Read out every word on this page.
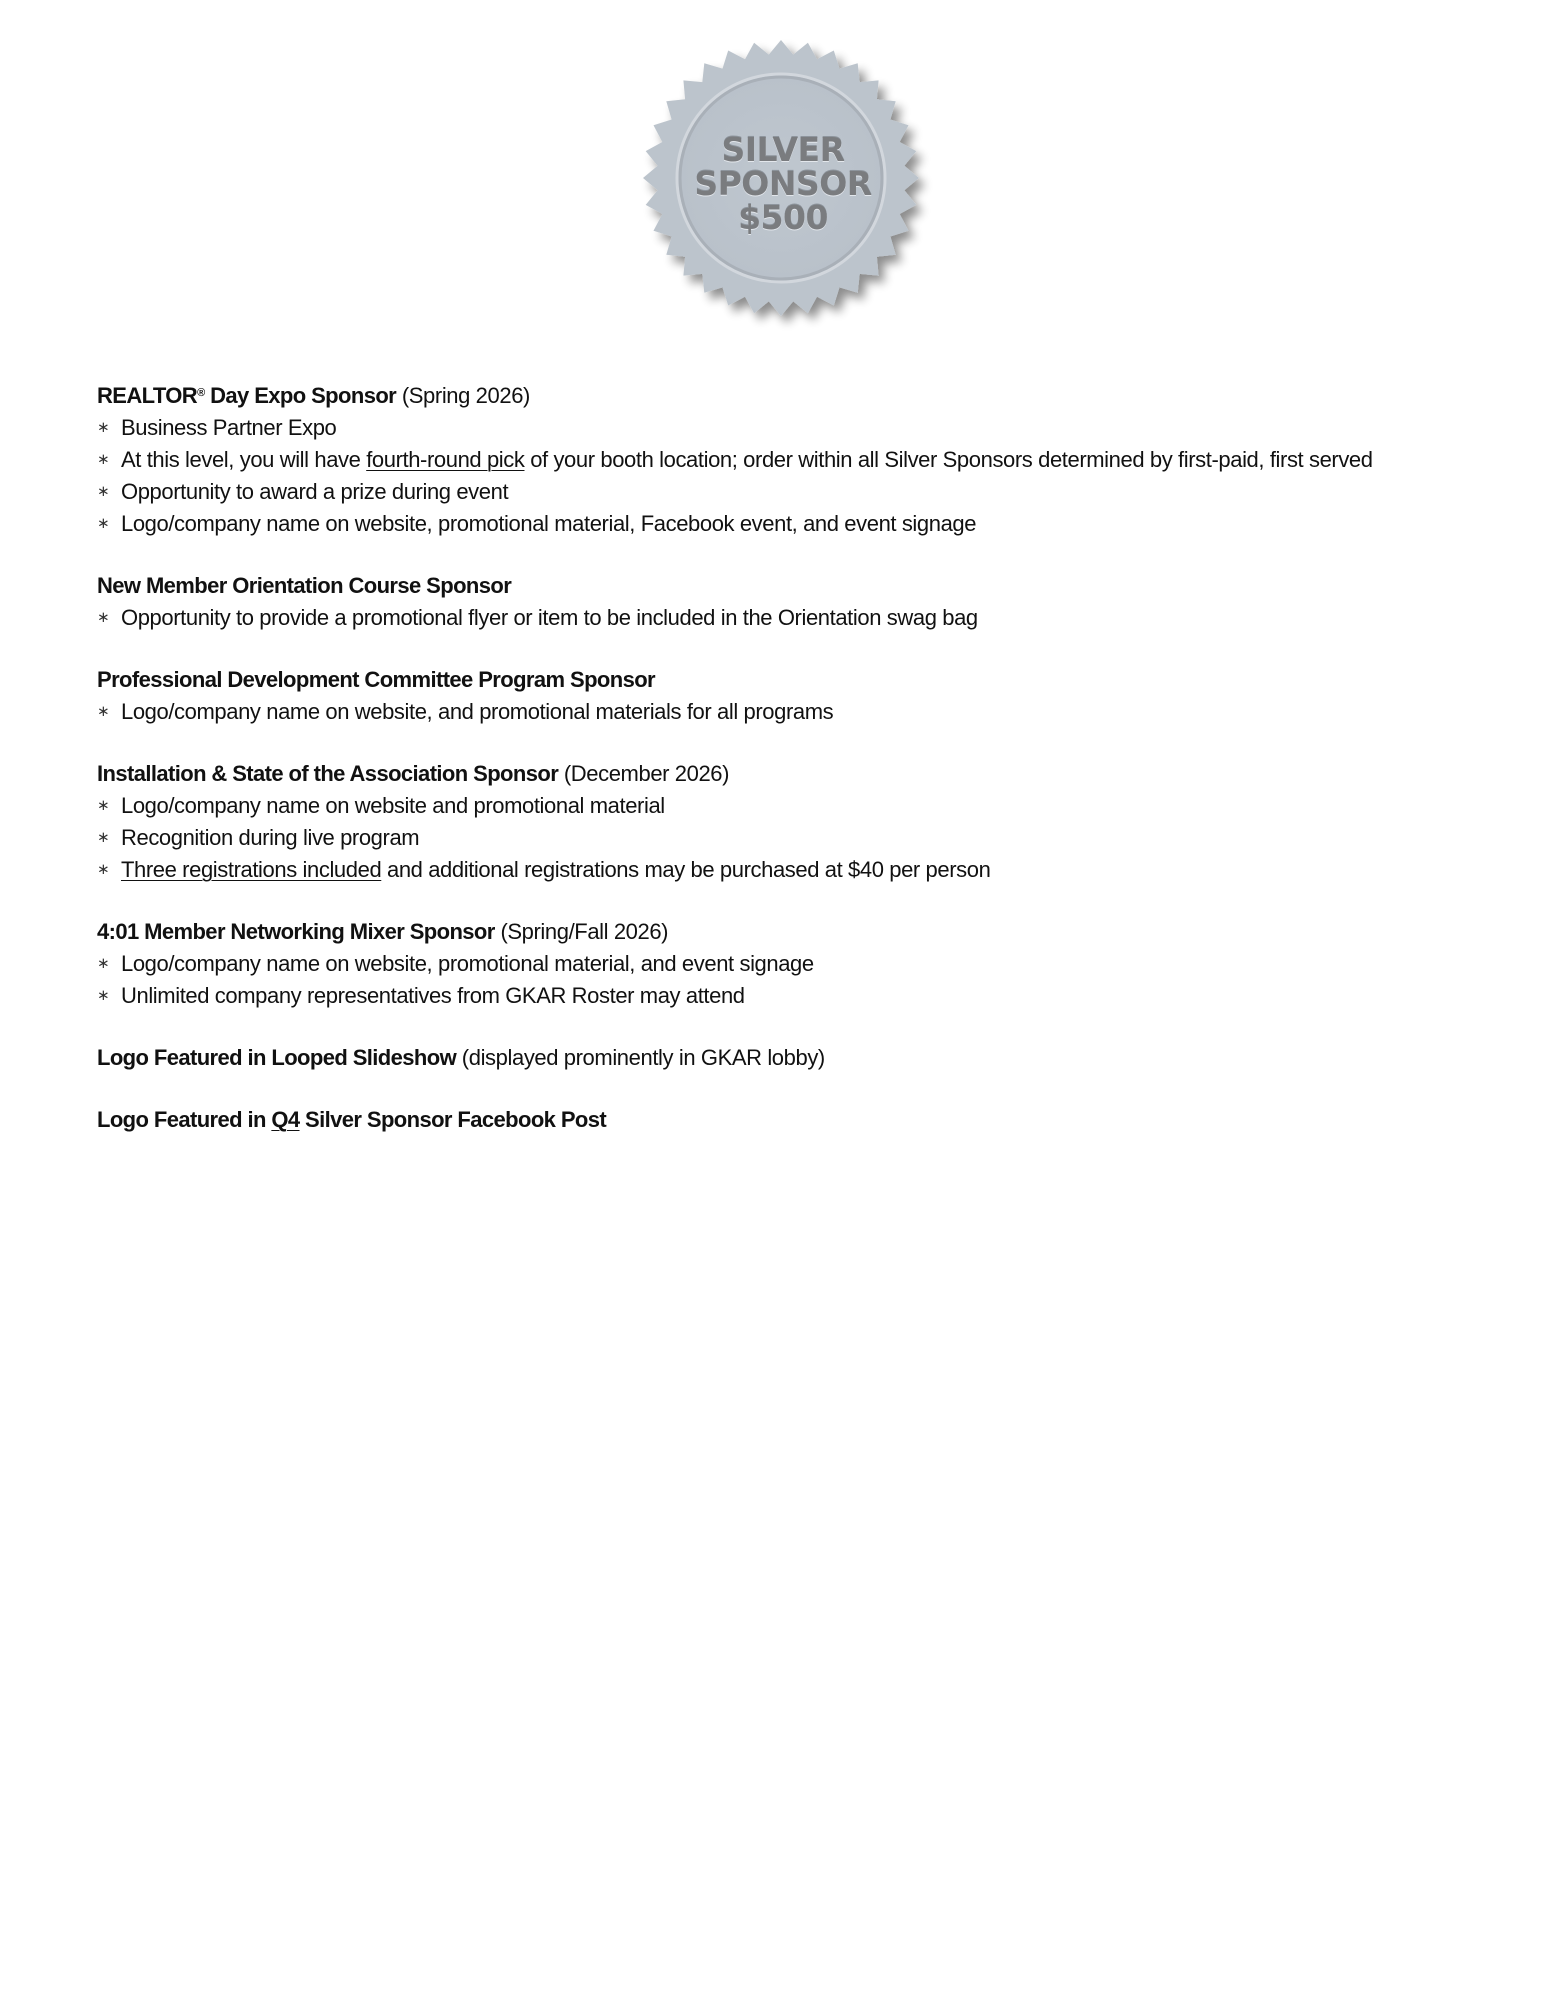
SILVER
SPONSOR
$500
REALTOR® Day Expo Sponsor (Spring 2026)
∗ Business Partner Expo
∗ At this level, you will have fourth-round pick of your booth location; order within all Silver Sponsors determined by first-paid, first served
∗ Opportunity to award a prize during event
∗ Logo/company name on website, promotional material, Facebook event, and event signage
New Member Orientation Course Sponsor
∗ Opportunity to provide a promotional flyer or item to be included in the Orientation swag bag
Professional Development Committee Program Sponsor
∗ Logo/company name on website, and promotional materials for all programs
Installation & State of the Association Sponsor (December 2026)
∗ Logo/company name on website and promotional material
∗ Recognition during live program
∗ Three registrations included and additional registrations may be purchased at $40 per person
4:01 Member Networking Mixer Sponsor (Spring/Fall 2026)
∗ Logo/company name on website, promotional material, and event signage
∗ Unlimited company representatives from GKAR Roster may attend
Logo Featured in Looped Slideshow (displayed prominently in GKAR lobby)
Logo Featured in Q4 Silver Sponsor Facebook Post
